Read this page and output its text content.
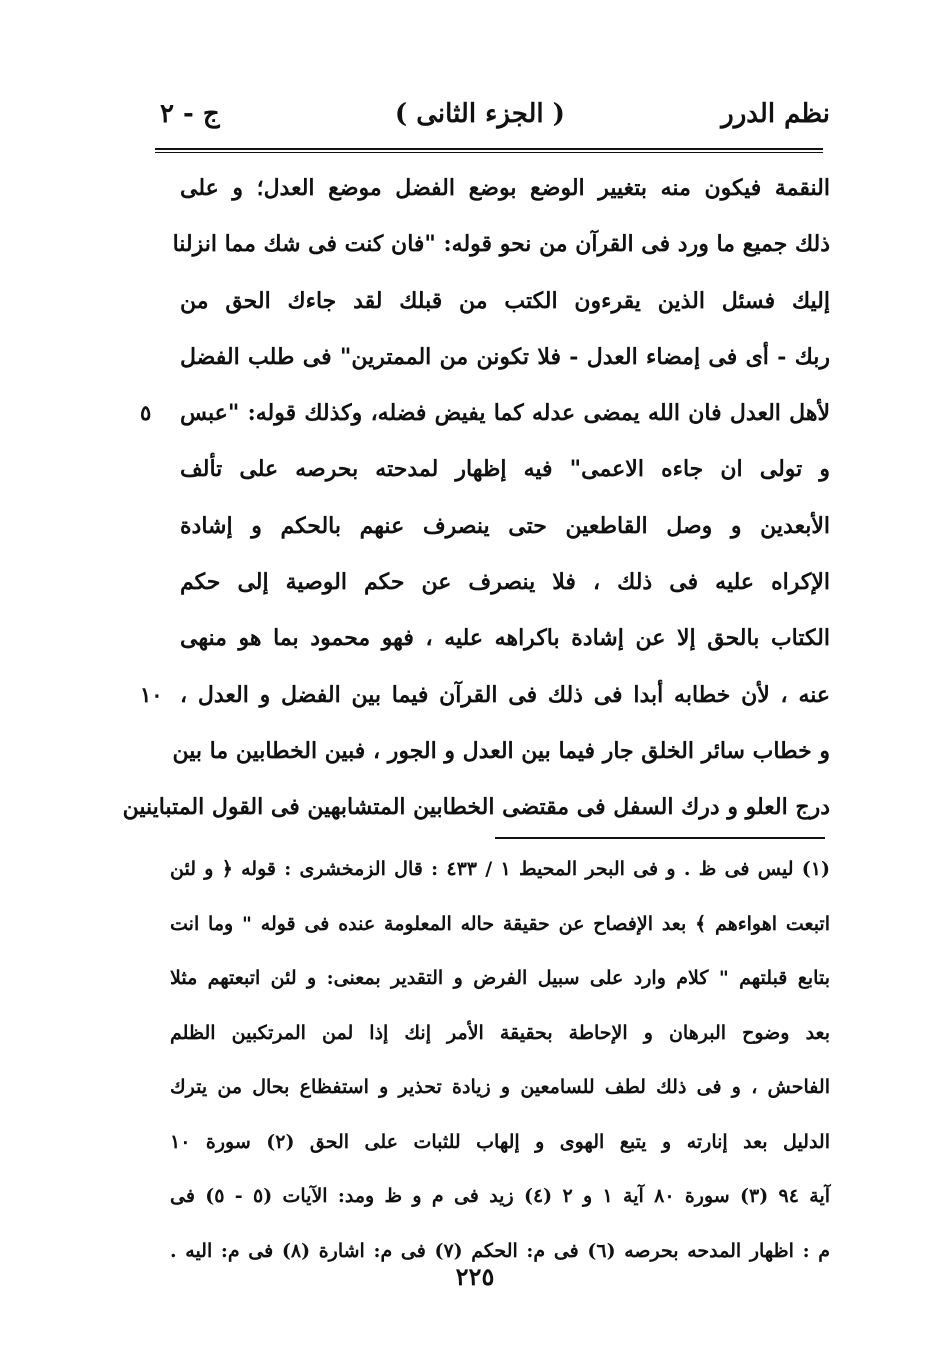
نظم الدرر
( الجزء الثانى )
ج - ٢
النقمة فيكون منه بتغيير الوضع بوضع الفضل موضع العدل؛ و على
ذلك جميع ما ورد فى القرآن من نحو قوله: "فان كنت فى شك مما انزلنا
إليك فسئل الذين يقرءون الكتب من قبلك لقد جاءك الحق من
ربك - أى فى إمضاء العدل - فلا تكونن من الممترين" فى طلب الفضل
لأهل العدل فان الله يمضى عدله كما يفيض فضله، وكذلك قوله: "عبس
٥
و تولى ان جاءه الاعمى" فيه إظهار لمدحته بحرصه على تألف
الأبعدين و وصل القاطعين حتى ينصرف عنهم بالحكم و إشادة
الإكراه عليه فى ذلك ، فلا ينصرف عن حكم الوصية إلى حكم
الكتاب بالحق إلا عن إشادة باكراهه عليه ، فهو محمود بما هو منهى
عنه ، لأن خطابه أبدا فى ذلك فى القرآن فيما بين الفضل و العدل ،
١٠
و خطاب سائر الخلق جار فيما بين العدل و الجور ، فبين الخطابين ما بين
درج العلو و درك السفل فى مقتضى الخطابين المتشابهين فى القول المتباينين
(١) ليس فى ظ . و فى البحر المحيط ١ / ٤٣٣ : قال الزمخشرى : قوله ﴿ و لئن
اتبعت اهواءهم ﴾ بعد الإفصاح عن حقيقة حاله المعلومة عنده فى قوله " وما انت
بتابع قبلتهم " كلام وارد على سبيل الفرض و التقدير بمعنى: و لئن اتبعتهم مثلا
بعد وضوح البرهان و الإحاطة بحقيقة الأمر إنك إذا لمن المرتكبين الظلم
الفاحش ، و فى ذلك لطف للسامعين و زيادة تحذير و استفظاع بحال من يترك
الدليل بعد إنارته و يتبع الهوى و إلهاب للثبات على الحق (٢) سورة ١٠
آية ٩٤ (٣) سورة ٨٠ آية ١ و ٢ (٤) زيد فى م و ظ ومد: الآيات (٥ - ٥) فى
م : اظهار المدحه بحرصه (٦) فى م: الحكم (٧) فى م: اشارة (٨) فى م: اليه .
٢٢٥
